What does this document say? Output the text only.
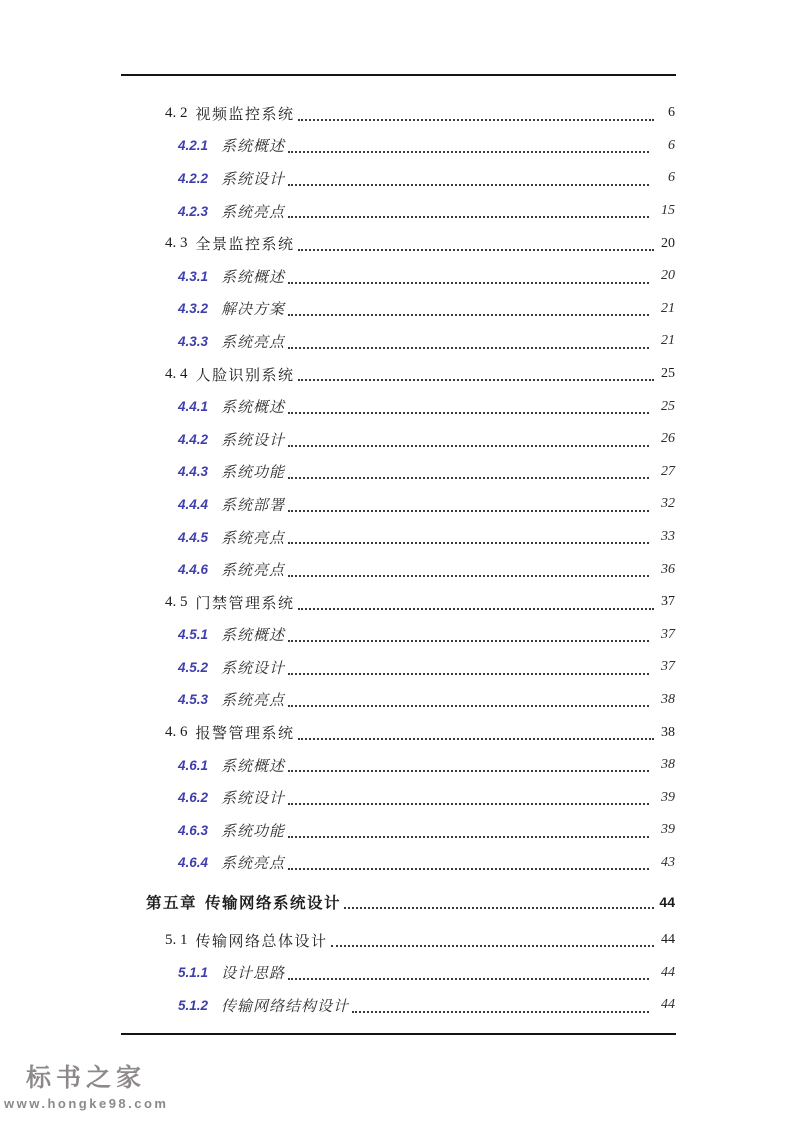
4. 2 视频监控系统	6
4.2.1 系统概述	6
4.2.2 系统设计	6
4.2.3 系统亮点	15
4. 3 全景监控系统	20
4.3.1 系统概述	20
4.3.2 解决方案	21
4.3.3 系统亮点	21
4. 4 人脸识别系统	25
4.4.1 系统概述	25
4.4.2 系统设计	26
4.4.3 系统功能	27
4.4.4 系统部署	32
4.4.5 系统亮点	33
4.4.6 系统亮点	36
4. 5 门禁管理系统	37
4.5.1 系统概述	37
4.5.2 系统设计	37
4.5.3 系统亮点	38
4. 6 报警管理系统	38
4.6.1 系统概述	38
4.6.2 系统设计	39
4.6.3 系统功能	39
4.6.4 系统亮点	43
第五章 传输网络系统设计	44
5. 1 传输网络总体设计	44
5.1.1 设计思路	44
5.1.2 传输网络结构设计	44
标书之家
www.hongke98.com
